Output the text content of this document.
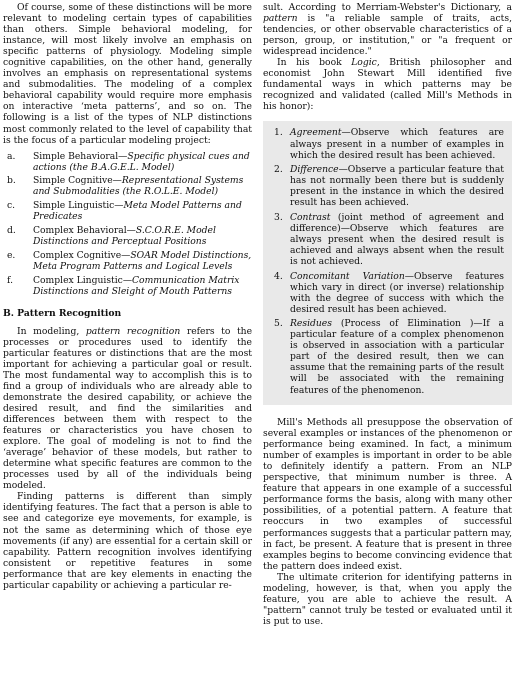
Of course, some of these distinctions will be more relevant to modeling certain types of capabilities than others. Simple behavioral modeling, for instance, will most likely involve an emphasis on specific patterns of physiology. Modeling simple cognitive capabilities, on the other hand, generally involves an emphasis on representational systems and submodalities. The modeling of a complex behavioral capability would require more emphasis on interactive ‘meta patterns’, and so on. The following is a list of the types of NLP distinctions most commonly related to the level of capability that is the focus of a particular modeling project:

a. Simple Behavioral—Specific physical cues and actions (the B.A.G.E.L. Model)
b. Simple Cognitive—Representational Systems and Submodalities (the R.O.L.E. Model)
c. Simple Linguistic—Meta Model Patterns and Predicates
d. Complex Behavioral—S.C.O.R.E. Model Distinctions and Perceptual Positions
e. Complex Cognitive—SOAR Model Distinctions, Meta Program Patterns and Logical Levels
f. Complex Linguistic—Communication Matrix Distinctions and Sleight of Mouth Patterns
B. Pattern Recognition

In modeling, pattern recognition refers to the processes or procedures used to identify the particular features or distinctions that are the most important for achieving a particular goal or result. The most fundamental way to accomplish this is to find a group of individuals who are already able to demonstrate the desired capability, or achieve the desired result, and find the similarities and differences between them with respect to the features or characteristics you have chosen to explore. The goal of modeling is not to find the ‘average’ behavior of these models, but rather to determine what specific features are common to the processes used by all of the individuals being modeled.

Finding patterns is different than simply identifying features. The fact that a person is able to see and categorize eye movements, for example, is not the same as determining which of those eye movements (if any) are essential for a certain skill or capability. Pattern recognition involves identifying consistent or repetitive features in some performance that are key elements in enacting the particular capability or achieving a particular re-

sult. According to Merriam-Webster's Dictionary, a pattern is "a reliable sample of traits, acts, tendencies, or other observable characteristics of a person, group, or institution," or "a frequent or widespread incidence."

In his book Logic, British philosopher and economist John Stewart Mill identified five fundamental ways in which patterns may be recognized and validated (called Mill's Methods in his honor):

1. Agreement—Observe which features are always present in a number of examples in which the desired result has been achieved.
2. Difference—Observe a particular feature that has not normally been there but is suddenly present in the instance in which the desired result has been achieved.
3. Contrast (joint method of agreement and difference)—Observe which features are always present when the desired result is achieved and always absent when the result is not achieved.
4. Concomitant Variation—Observe features which vary in direct (or inverse) relationship with the degree of success with which the desired result has been achieved.
5. Residues (Process of Elimination )—If a particular feature of a complex phenomenon is observed in association with a particular part of the desired result, then we can assume that the remaining parts of the result will be associated with the remaining features of the phenomenon.

Mill's Methods all presuppose the observation of several examples or instances of the phenomenon or performance being examined. In fact, a minimum number of examples is important in order to be able to definitely identify a pattern. From an NLP perspective, that minimum number is three. A feature that appears in one example of a successful performance forms the basis, along with many other possibilities, of a potential pattern. A feature that reoccurs in two examples of successful performances suggests that a particular pattern may, in fact, be present. A feature that is present in three examples begins to become convincing evidence that the pattern does indeed exist.

The ultimate criterion for identifying patterns in modeling, however, is that, when you apply the feature, you are able to achieve the result. A "pattern" cannot truly be tested or evaluated until it is put to use.
